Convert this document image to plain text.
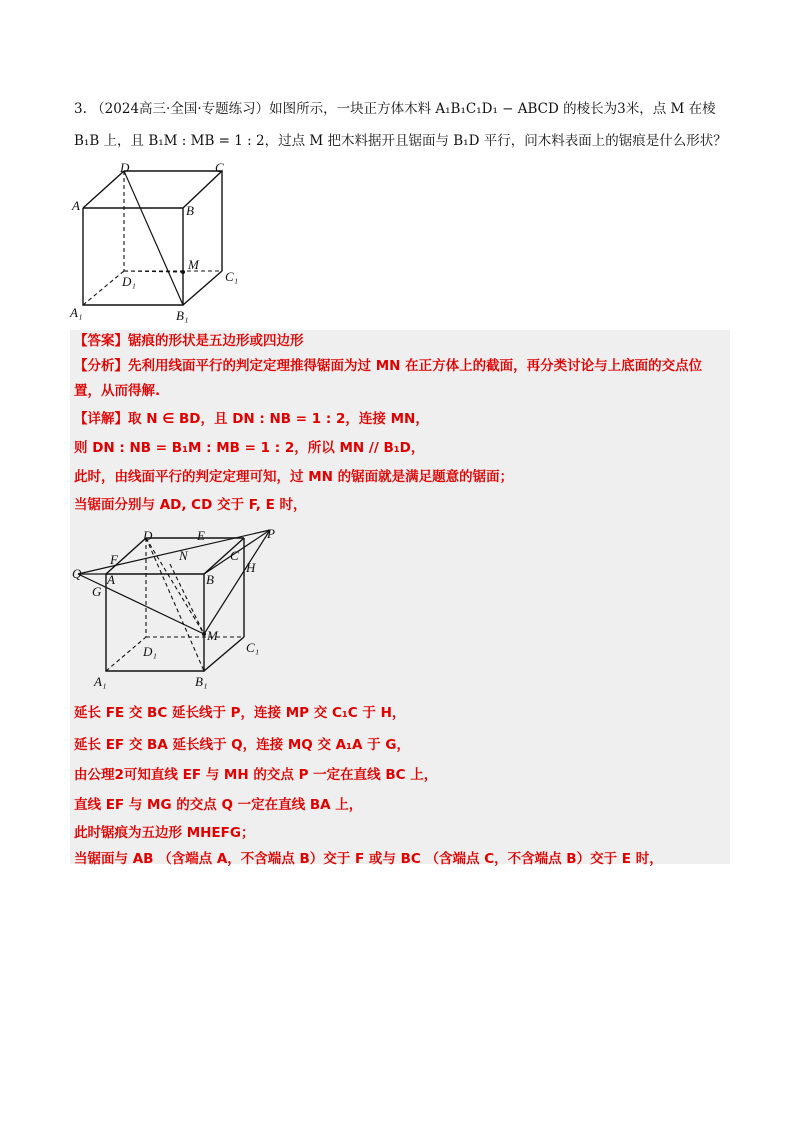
3. （2024高三·全国·专题练习）如图所示，一块正方体木料 A₁B₁C₁D₁ − ABCD 的棱长为3米，点 M 在棱
B₁B 上，且 B₁M : MB = 1 : 2，过点 M 把木料据开且锯面与 B₁D 平行，问木料表面上的锯痕是什么形状？
D	C
A	B
M
D₁	C₁
A₁	B₁
【答案】锯痕的形状是五边形或四边形
【分析】先利用线面平行的判定定理推得锯面为过 MN 在正方体上的截面，再分类讨论与上底面的交点位
置，从而得解.
【详解】取 N ∈ BD，且 DN : NB = 1 : 2，连接 MN，
则 DN : NB = B₁M : MB = 1 : 2，所以 MN // B₁D，
此时，由线面平行的判定定理可知，过 MN 的锯面就是满足题意的锯面；
当锯面分别与 AD, CD 交于 F, E 时，
D	E	P
F	N	C
H
Q A	B
G
M
D₁	C₁
A₁	B₁
延长 FE 交 BC 延长线于 P，连接 MP 交 C₁C 于 H，
延长 EF 交 BA 延长线于 Q，连接 MQ 交 A₁A 于 G，
由公理2可知直线 EF 与 MH 的交点 P 一定在直线 BC 上，
直线 EF 与 MG 的交点 Q 一定在直线 BA 上，
此时锯痕为五边形 MHEFG；
当锯面与 AB （含端点 A，不含端点 B）交于 F 或与 BC （含端点 C，不含端点 B）交于 E 时，
